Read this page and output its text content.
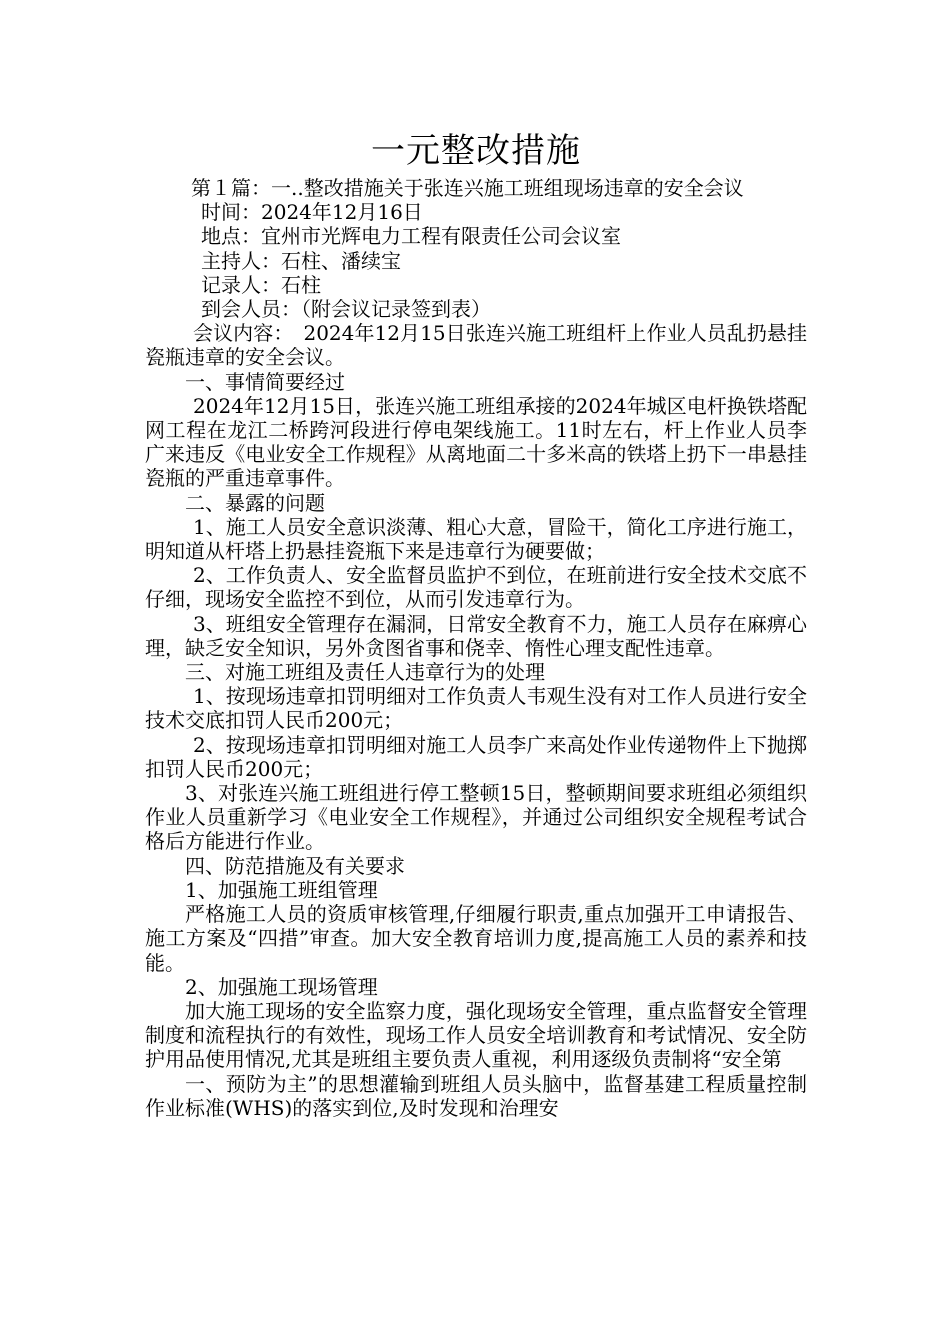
一元整改措施

第１篇：一..整改措施关于张连兴施工班组现场违章的安全会议

时间：2024年12月16日

地点：宜州市光辉电力工程有限责任公司会议室

主持人：石柱、潘续宝

记录人：石柱

到会人员：（附会议记录签到表）

会议内容：　2024年12月15日张连兴施工班组杆上作业人员乱扔悬挂瓷瓶违章的安全会议。

一、事情简要经过

2024年12月15日，张连兴施工班组承接的2024年城区电杆换铁塔配网工程在龙江二桥跨河段进行停电架线施工。11时左右，杆上作业人员李广来违反《电业安全工作规程》从离地面二十多米高的铁塔上扔下一串悬挂瓷瓶的严重违章事件。

二、暴露的问题

1、施工人员安全意识淡薄、粗心大意，冒险干，简化工序进行施工，明知道从杆塔上扔悬挂瓷瓶下来是违章行为硬要做；

2、工作负责人、安全监督员监护不到位，在班前进行安全技术交底不仔细，现场安全监控不到位，从而引发违章行为。

3、班组安全管理存在漏洞，日常安全教育不力，施工人员存在麻痹心理，缺乏安全知识，另外贪图省事和侥幸、惰性心理支配性违章。

三、对施工班组及责任人违章行为的处理

1、按现场违章扣罚明细对工作负责人韦观生没有对工作人员进行安全技术交底扣罚人民币200元；

2、按现场违章扣罚明细对施工人员李广来高处作业传递物件上下抛掷扣罚人民币200元；

3、对张连兴施工班组进行停工整顿15日，整顿期间要求班组必须组织作业人员重新学习《电业安全工作规程》，并通过公司组织安全规程考试合格后方能进行作业。

四、防范措施及有关要求

1、加强施工班组管理

严格施工人员的资质审核管理,仔细履行职责,重点加强开工申请报告、施工方案及“四措”审查。加大安全教育培训力度,提高施工人员的素养和技能。

2、加强施工现场管理

加大施工现场的安全监察力度，强化现场安全管理，重点监督安全管理制度和流程执行的有效性，现场工作人员安全培训教育和考试情况、安全防护用品使用情况,尤其是班组主要负责人重视，利用逐级负责制将“安全第

一、预防为主”的思想灌输到班组人员头脑中，监督基建工程质量控制作业标准(WHS)的落实到位,及时发现和治理安
